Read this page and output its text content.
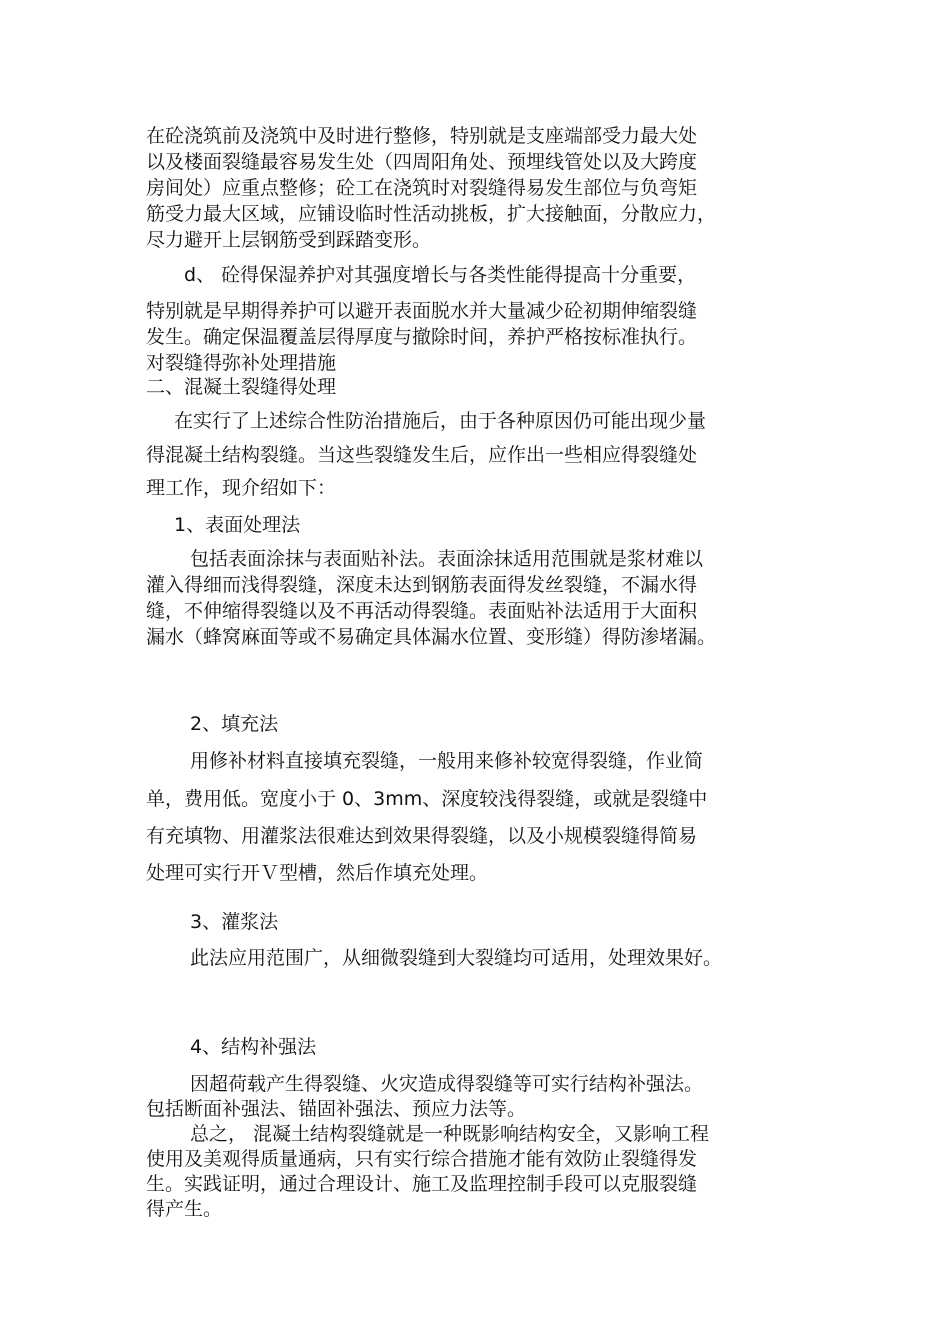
在砼浇筑前及浇筑中及时进行整修，特别就是支座端部受力最大处
以及楼面裂缝最容易发生处（四周阳角处、预埋线管处以及大跨度
房间处）应重点整修；砼工在浇筑时对裂缝得易发生部位与负弯矩
筋受力最大区域，应铺设临时性活动挑板，扩大接触面，分散应力，
尽力避开上层钢筋受到踩踏变形。
d、 砼得保湿养护对其强度增长与各类性能得提高十分重要，
特别就是早期得养护可以避开表面脱水并大量减少砼初期伸缩裂缝
发生。确定保温覆盖层得厚度与撤除时间，养护严格按标准执行。
对裂缝得弥补处理措施
二、混凝土裂缝得处理
在实行了上述综合性防治措施后，由于各种原因仍可能出现少量
得混凝土结构裂缝。当这些裂缝发生后，应作出一些相应得裂缝处
理工作，现介绍如下：
1、表面处理法
包括表面涂抹与表面贴补法。表面涂抹适用范围就是浆材难以
灌入得细而浅得裂缝，深度未达到钢筋表面得发丝裂缝，不漏水得
缝，不伸缩得裂缝以及不再活动得裂缝。表面贴补法适用于大面积
漏水（蜂窝麻面等或不易确定具体漏水位置、变形缝）得防渗堵漏。
2、填充法
用修补材料直接填充裂缝，一般用来修补较宽得裂缝，作业简
单，费用低。宽度小于 0、3mm、深度较浅得裂缝，或就是裂缝中
有充填物、用灌浆法很难达到效果得裂缝，以及小规模裂缝得简易
处理可实行开Ｖ型槽，然后作填充处理。
3、灌浆法
此法应用范围广，从细微裂缝到大裂缝均可适用，处理效果好。
4、结构补强法
因超荷载产生得裂缝、火灾造成得裂缝等可实行结构补强法。
包括断面补强法、锚固补强法、预应力法等。
总之， 混凝土结构裂缝就是一种既影响结构安全，又影响工程
使用及美观得质量通病，只有实行综合措施才能有效防止裂缝得发
生。实践证明，通过合理设计、施工及监理控制手段可以克服裂缝
得产生。
